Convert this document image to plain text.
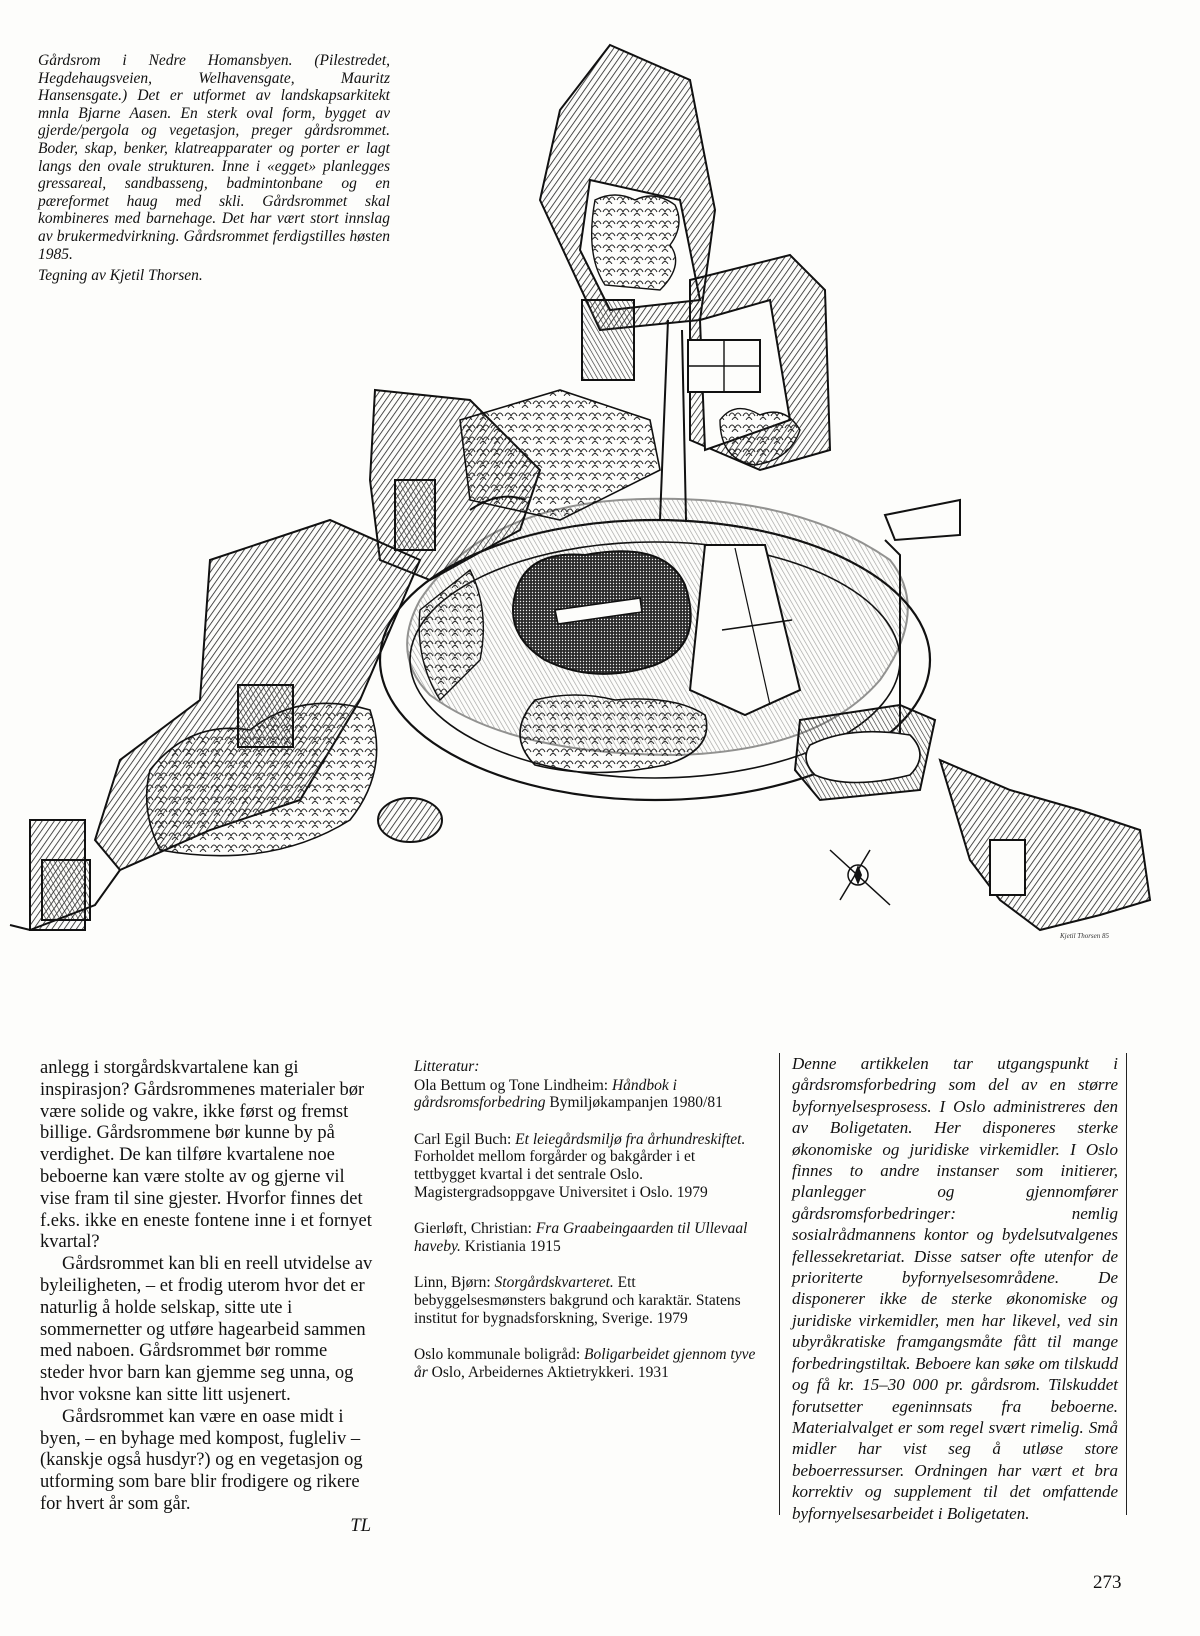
Kjetil Thorsen 85

Gårdsrom i Nedre Homansbyen. (Pilestredet, Hegdehaugsveien, Welhavensgate, Mauritz Hansensgate.) Det er utformet av landskapsarkitekt mnla Bjarne Aasen. En sterk oval form, bygget av gjerde/pergola og vegetasjon, preger gårdsrommet. Boder, skap, benker, klatreapparater og porter er lagt langs den ovale strukturen. Inne i «egget» planlegges gressareal, sandbasseng, badmintonbane og en pæreformet haug med skli. Gårdsrommet skal kombineres med barnehage. Det har vært stort innslag av brukermedvirkning. Gårdsrommet ferdigstilles høsten 1985.

Tegning av Kjetil Thorsen.

anlegg i storgårdskvartalene kan gi inspirasjon? Gårdsrommenes materialer bør være solide og vakre, ikke først og fremst billige. Gårdsrommene bør kunne by på verdighet. De kan tilføre kvartalene noe beboerne kan være stolte av og gjerne vil vise fram til sine gjester. Hvorfor finnes det f.eks. ikke en eneste fontene inne i et fornyet kvartal?

Gårdsrommet kan bli en reell utvidelse av byleiligheten, – et frodig uterom hvor det er naturlig å holde selskap, sitte ute i sommernetter og utføre hagearbeid sammen med naboen. Gårdsrommet bør romme steder hvor barn kan gjemme seg unna, og hvor voksne kan sitte litt usjenert.

Gårdsrommet kan være en oase midt i byen, – en byhage med kompost, fugleliv – (kanskje også husdyr?) og en vegetasjon og utforming som bare blir frodigere og rikere for hvert år som går.

TL

Litteratur:

Ola Bettum og Tone Lindheim: Håndbok i gårdsromsforbedring Bymiljøkampanjen 1980/81
Carl Egil Buch: Et leiegårdsmiljø fra århundreskiftet. Forholdet mellom forgårder og bakgårder i et tettbygget kvartal i det sentrale Oslo. Magistergradsoppgave Universitet i Oslo. 1979
Gierløft, Christian: Fra Graabeingaarden til Ullevaal haveby. Kristiania 1915
Linn, Bjørn: Storgårdskvarteret. Ett bebyggelsesmønsters bakgrund och karaktär. Statens institut for bygnadsforskning, Sverige. 1979
Oslo kommunale boligråd: Boligarbeidet gjennom tyve år Oslo, Arbeidernes Aktietrykkeri. 1931

Denne artikkelen tar utgangspunkt i gårdsromsforbedring som del av en større byfornyelsesprosess. I Oslo administreres den av Boligetaten. Her disponeres sterke økonomiske og juridiske virkemidler. I Oslo finnes to andre instanser som initierer, planlegger og gjennomfører gårdsromsforbedringer: nemlig sosialrådmannens kontor og bydelsutvalgenes fellessekretariat. Disse satser ofte utenfor de prioriterte byfornyelsesområdene. De disponerer ikke de sterke økonomiske og juridiske virkemidler, men har likevel, ved sin ubyråkratiske framgangsmåte fått til mange forbedringstiltak. Beboere kan søke om tilskudd og få kr. 15–30 000 pr. gårdsrom. Tilskuddet forutsetter egeninnsats fra beboerne. Materialvalget er som regel svært rimelig. Små midler har vist seg å utløse store beboerressurser. Ordningen har vært et bra korrektiv og supplement til det omfattende byfornyelsesarbeidet i Boligetaten.

273
